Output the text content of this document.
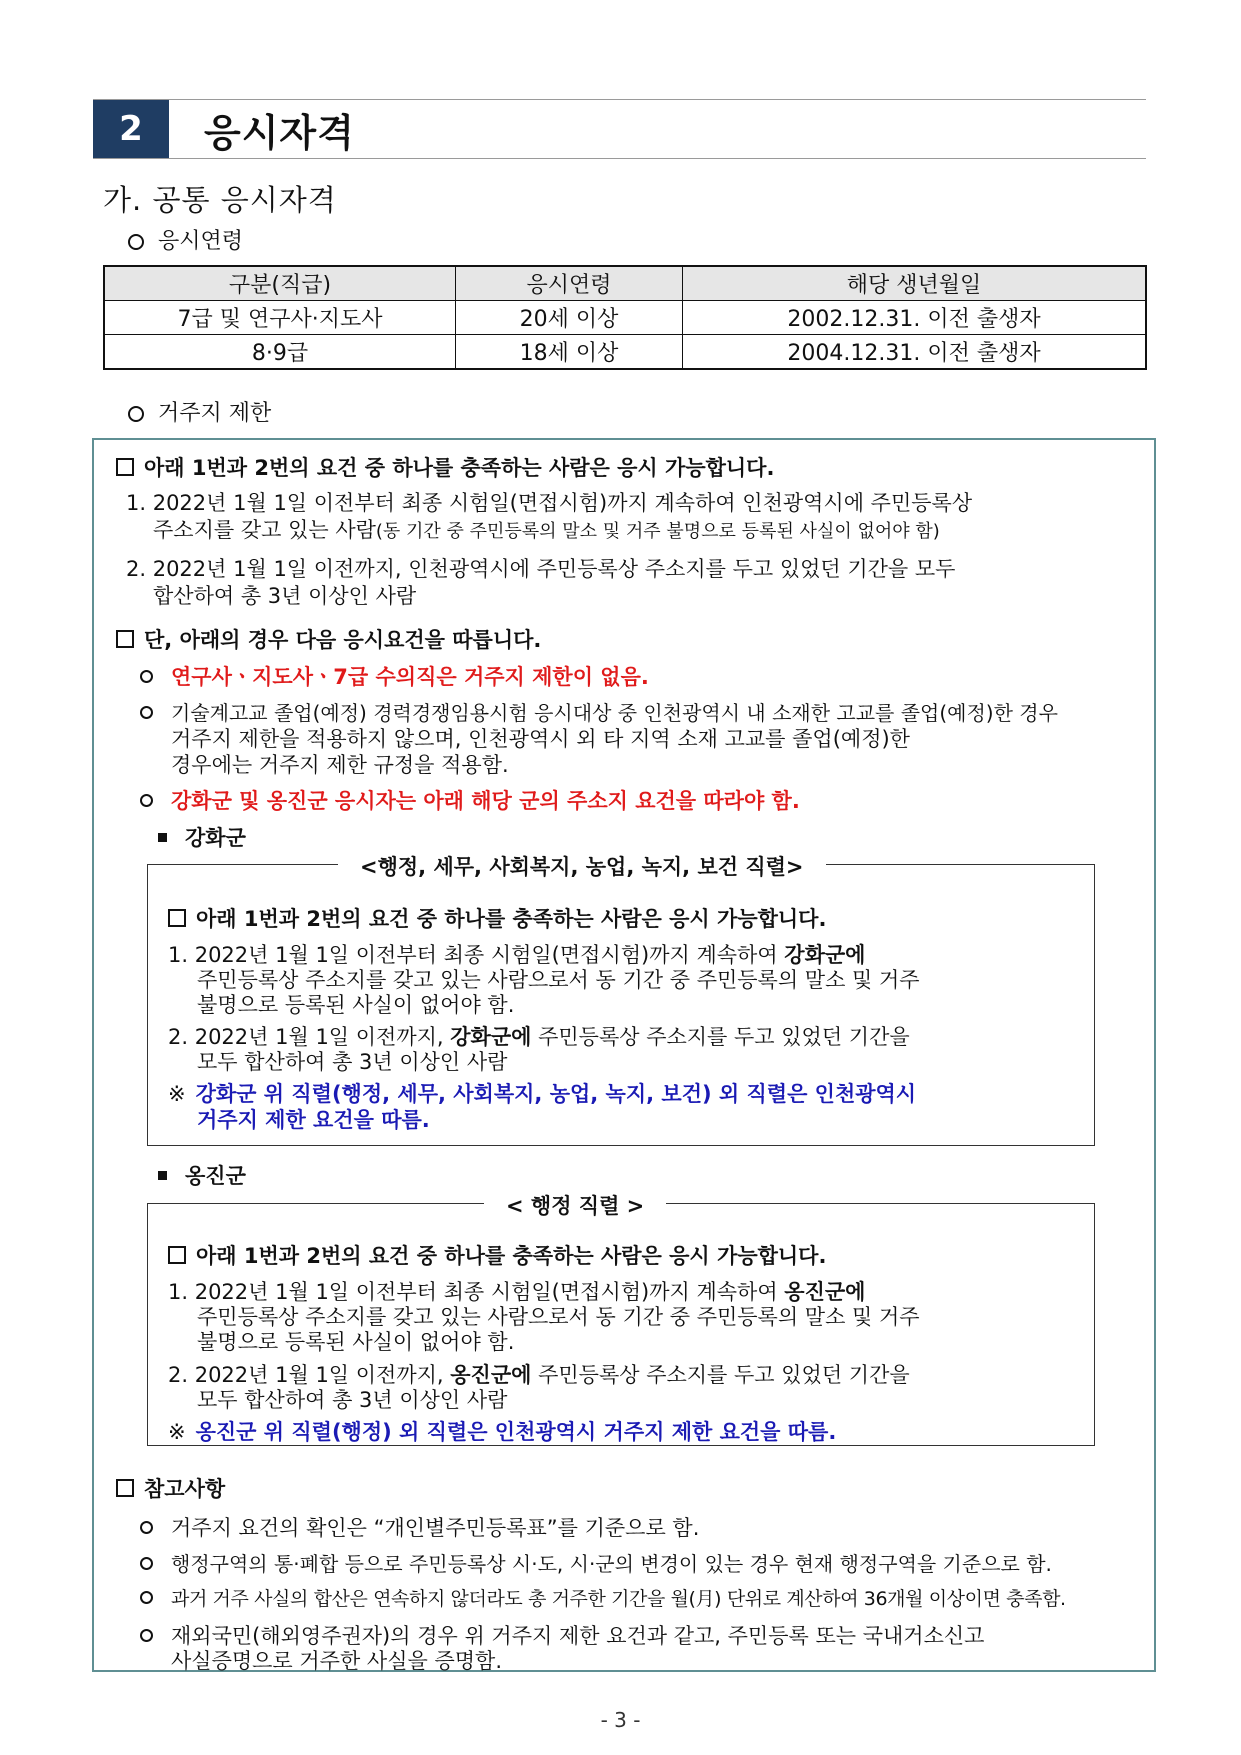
2	응시자격
가. 공통 응시자격
응시연령
구분(직급)	응시연령	해당 생년월일
7급 및 연구사·지도사	20세 이상	2002.12.31. 이전 출생자
8·9급	18세 이상	2004.12.31. 이전 출생자
거주지 제한
아래 1번과 2번의 요건 중 하나를 충족하는 사람은 응시 가능합니다.
1. 2022년 1월 1일 이전부터 최종 시험일(면접시험)까지 계속하여 인천광역시에 주민등록상
주소지를 갖고 있는 사람(동 기간 중 주민등록의 말소 및 거주 불명으로 등록된 사실이 없어야 함)
2. 2022년 1월 1일 이전까지, 인천광역시에 주민등록상 주소지를 두고 있었던 기간을 모두
합산하여 총 3년 이상인 사람
단, 아래의 경우 다음 응시요건을 따릅니다.
연구사ㆍ지도사ㆍ7급 수의직은 거주지 제한이 없음.
기술계고교 졸업(예정) 경력경쟁임용시험 응시대상 중 인천광역시 내 소재한 고교를 졸업(예정)한 경우
거주지 제한을 적용하지 않으며, 인천광역시 외 타 지역 소재 고교를 졸업(예정)한
경우에는 거주지 제한 규정을 적용함.
강화군 및 옹진군 응시자는 아래 해당 군의 주소지 요건을 따라야 함.
강화군
<행정, 세무, 사회복지, 농업, 녹지, 보건 직렬>
아래 1번과 2번의 요건 중 하나를 충족하는 사람은 응시 가능합니다.
1. 2022년 1월 1일 이전부터 최종 시험일(면접시험)까지 계속하여 강화군에
주민등록상 주소지를 갖고 있는 사람으로서 동 기간 중 주민등록의 말소 및 거주
불명으로 등록된 사실이 없어야 함.
2. 2022년 1월 1일 이전까지, 강화군에 주민등록상 주소지를 두고 있었던 기간을
모두 합산하여 총 3년 이상인 사람
※ 강화군 위 직렬(행정, 세무, 사회복지, 농업, 녹지, 보건) 외 직렬은 인천광역시
거주지 제한 요건을 따름.
옹진군
< 행정 직렬 >
아래 1번과 2번의 요건 중 하나를 충족하는 사람은 응시 가능합니다.
1. 2022년 1월 1일 이전부터 최종 시험일(면접시험)까지 계속하여 옹진군에
주민등록상 주소지를 갖고 있는 사람으로서 동 기간 중 주민등록의 말소 및 거주
불명으로 등록된 사실이 없어야 함.
2. 2022년 1월 1일 이전까지, 옹진군에 주민등록상 주소지를 두고 있었던 기간을
모두 합산하여 총 3년 이상인 사람
※ 옹진군 위 직렬(행정) 외 직렬은 인천광역시 거주지 제한 요건을 따름.
참고사항
거주지 요건의 확인은 “개인별주민등록표”를 기준으로 함.
행정구역의 통·폐합 등으로 주민등록상 시·도, 시·군의 변경이 있는 경우 현재 행정구역을 기준으로 함.
과거 거주 사실의 합산은 연속하지 않더라도 총 거주한 기간을 월(月) 단위로 계산하여 36개월 이상이면 충족함.
재외국민(해외영주권자)의 경우 위 거주지 제한 요건과 같고, 주민등록 또는 국내거소신고
사실증명으로 거주한 사실을 증명함.
- 3 -
